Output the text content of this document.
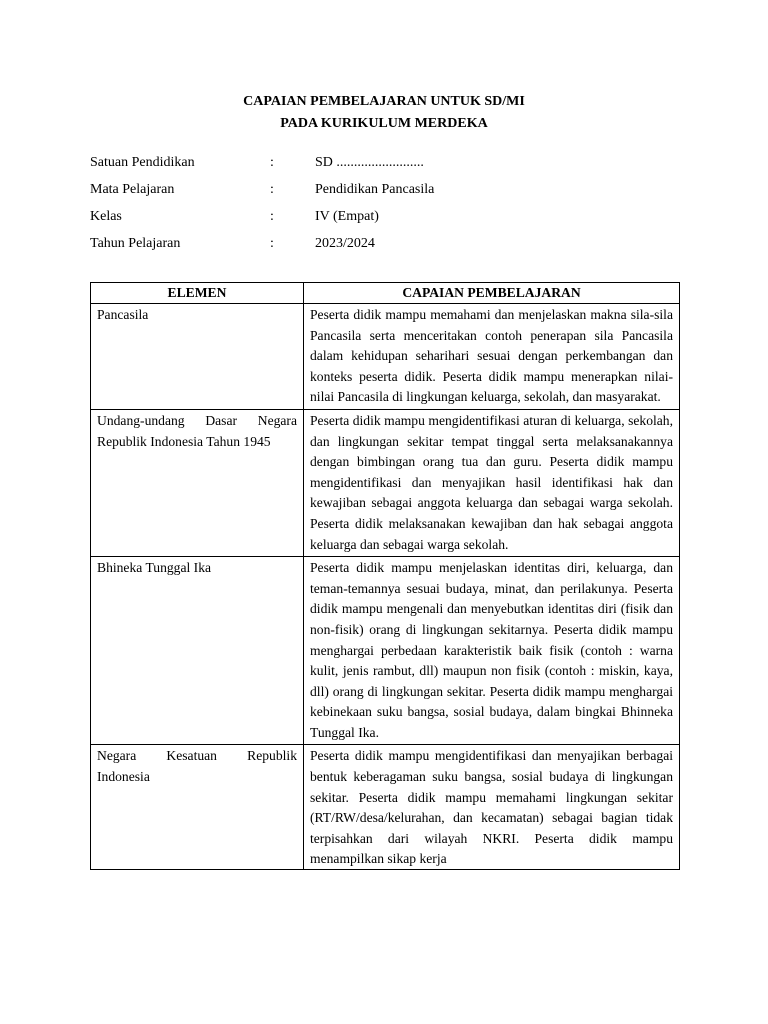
CAPAIAN PEMBELAJARAN UNTUK SD/MI
PADA KURIKULUM MERDEKA
Satuan Pendidikan	:	SD .........................
Mata Pelajaran	:	Pendidikan Pancasila
Kelas	:	IV (Empat)
Tahun Pelajaran	:	2023/2024
ELEMEN	CAPAIAN PEMBELAJARAN
Pancasila	Peserta didik mampu memahami dan menjelaskan makna sila-sila Pancasila serta menceritakan contoh penerapan sila Pancasila dalam kehidupan seharihari sesuai dengan perkembangan dan konteks peserta didik. Peserta didik mampu menerapkan nilai-nilai Pancasila di lingkungan keluarga, sekolah, dan masyarakat.
Undang-undang Dasar Negara Republik Indonesia Tahun 1945	Peserta didik mampu mengidentifikasi aturan di keluarga, sekolah, dan lingkungan sekitar tempat tinggal serta melaksanakannya dengan bimbingan orang tua dan guru. Peserta didik mampu mengidentifikasi dan menyajikan hasil identifikasi hak dan kewajiban sebagai anggota keluarga dan sebagai warga sekolah. Peserta didik melaksanakan kewajiban dan hak sebagai anggota keluarga dan sebagai warga sekolah.
Bhineka Tunggal Ika	Peserta didik mampu menjelaskan identitas diri, keluarga, dan teman-temannya sesuai budaya, minat, dan perilakunya. Peserta didik mampu mengenali dan menyebutkan identitas diri (fisik dan non-fisik) orang di lingkungan sekitarnya. Peserta didik mampu menghargai perbedaan karakteristik baik fisik (contoh : warna kulit, jenis rambut, dll) maupun non fisik (contoh : miskin, kaya, dll) orang di lingkungan sekitar. Peserta didik mampu menghargai kebinekaan suku bangsa, sosial budaya, dalam bingkai Bhinneka Tunggal Ika.
Negara Kesatuan Republik Indonesia	Peserta didik mampu mengidentifikasi dan menyajikan berbagai bentuk keberagaman suku bangsa, sosial budaya di lingkungan sekitar. Peserta didik mampu memahami lingkungan sekitar (RT/RW/desa/kelurahan, dan kecamatan) sebagai bagian tidak terpisahkan dari wilayah NKRI. Peserta didik mampu menampilkan sikap kerja
